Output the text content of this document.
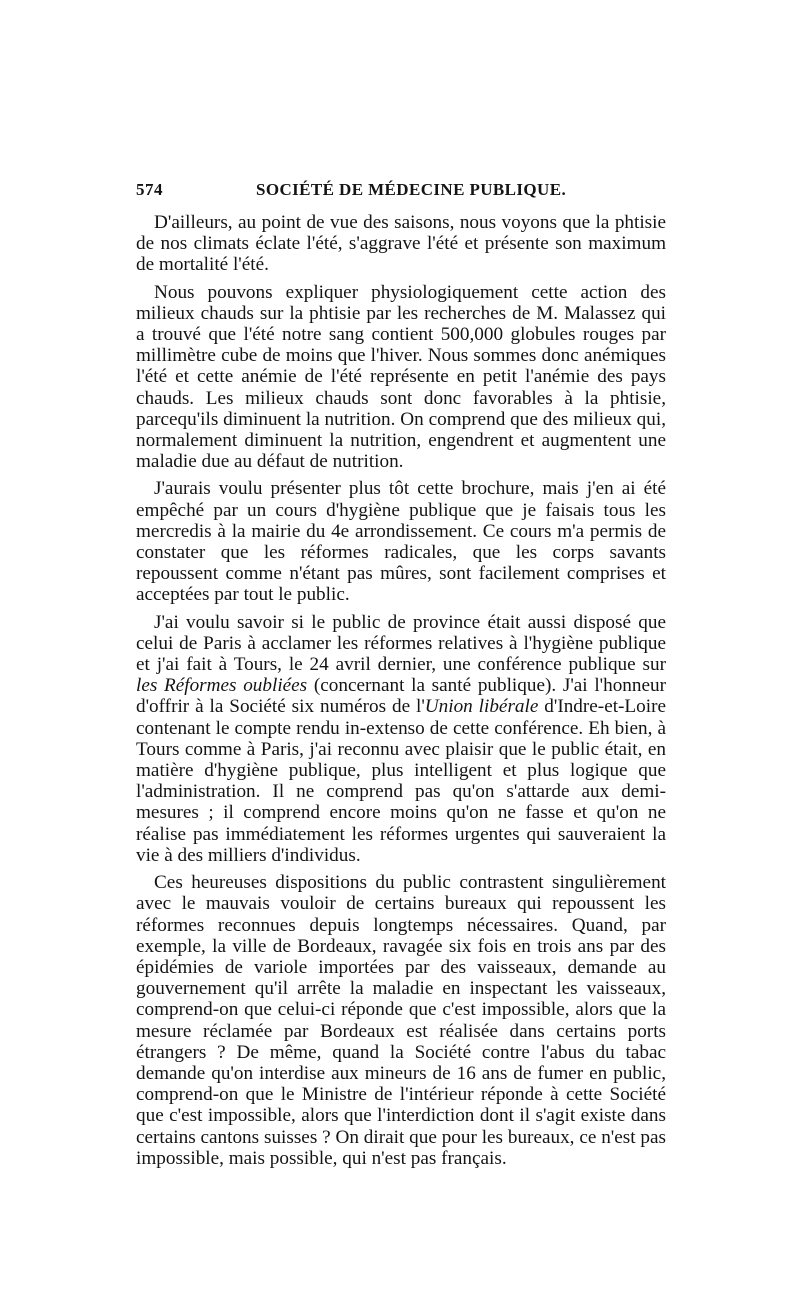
574	SOCIÉTÉ DE MÉDECINE PUBLIQUE.

D'ailleurs, au point de vue des saisons, nous voyons que la phtisie de nos climats éclate l'été, s'aggrave l'été et présente son maximum de mortalité l'été.

Nous pouvons expliquer physiologiquement cette action des milieux chauds sur la phtisie par les recherches de M. Malassez qui a trouvé que l'été notre sang contient 500,000 globules rouges par millimètre cube de moins que l'hiver. Nous sommes donc anémiques l'été et cette anémie de l'été représente en petit l'anémie des pays chauds. Les milieux chauds sont donc favorables à la phtisie, parcequ'ils diminuent la nutrition. On comprend que des milieux qui, normalement diminuent la nutrition, engendrent et augmentent une maladie due au défaut de nutrition.

J'aurais voulu présenter plus tôt cette brochure, mais j'en ai été empêché par un cours d'hygiène publique que je faisais tous les mercredis à la mairie du 4e arrondissement. Ce cours m'a permis de constater que les réformes radicales, que les corps savants repoussent comme n'étant pas mûres, sont facilement comprises et acceptées par tout le public.

J'ai voulu savoir si le public de province était aussi disposé que celui de Paris à acclamer les réformes relatives à l'hygiène publique et j'ai fait à Tours, le 24 avril dernier, une conférence publique sur les Réformes oubliées (concernant la santé publique). J'ai l'honneur d'offrir à la Société six numéros de l'Union libérale d'Indre-et-Loire contenant le compte rendu in-extenso de cette conférence. Eh bien, à Tours comme à Paris, j'ai reconnu avec plaisir que le public était, en matière d'hygiène publique, plus intelligent et plus logique que l'administration. Il ne comprend pas qu'on s'attarde aux demi-mesures ; il comprend encore moins qu'on ne fasse et qu'on ne réalise pas immédiatement les réformes urgentes qui sauveraient la vie à des milliers d'individus.

Ces heureuses dispositions du public contrastent singulièrement avec le mauvais vouloir de certains bureaux qui repoussent les réformes reconnues depuis longtemps nécessaires. Quand, par exemple, la ville de Bordeaux, ravagée six fois en trois ans par des épidémies de variole importées par des vaisseaux, demande au gouvernement qu'il arrête la maladie en inspectant les vaisseaux, comprend-on que celui-ci réponde que c'est impossible, alors que la mesure réclamée par Bordeaux est réalisée dans certains ports étrangers ? De même, quand la Société contre l'abus du tabac demande qu'on interdise aux mineurs de 16 ans de fumer en public, comprend-on que le Ministre de l'intérieur réponde à cette Société que c'est impossible, alors que l'interdiction dont il s'agit existe dans certains cantons suisses ? On dirait que pour les bureaux, ce n'est pas impossible, mais possible, qui n'est pas français.
